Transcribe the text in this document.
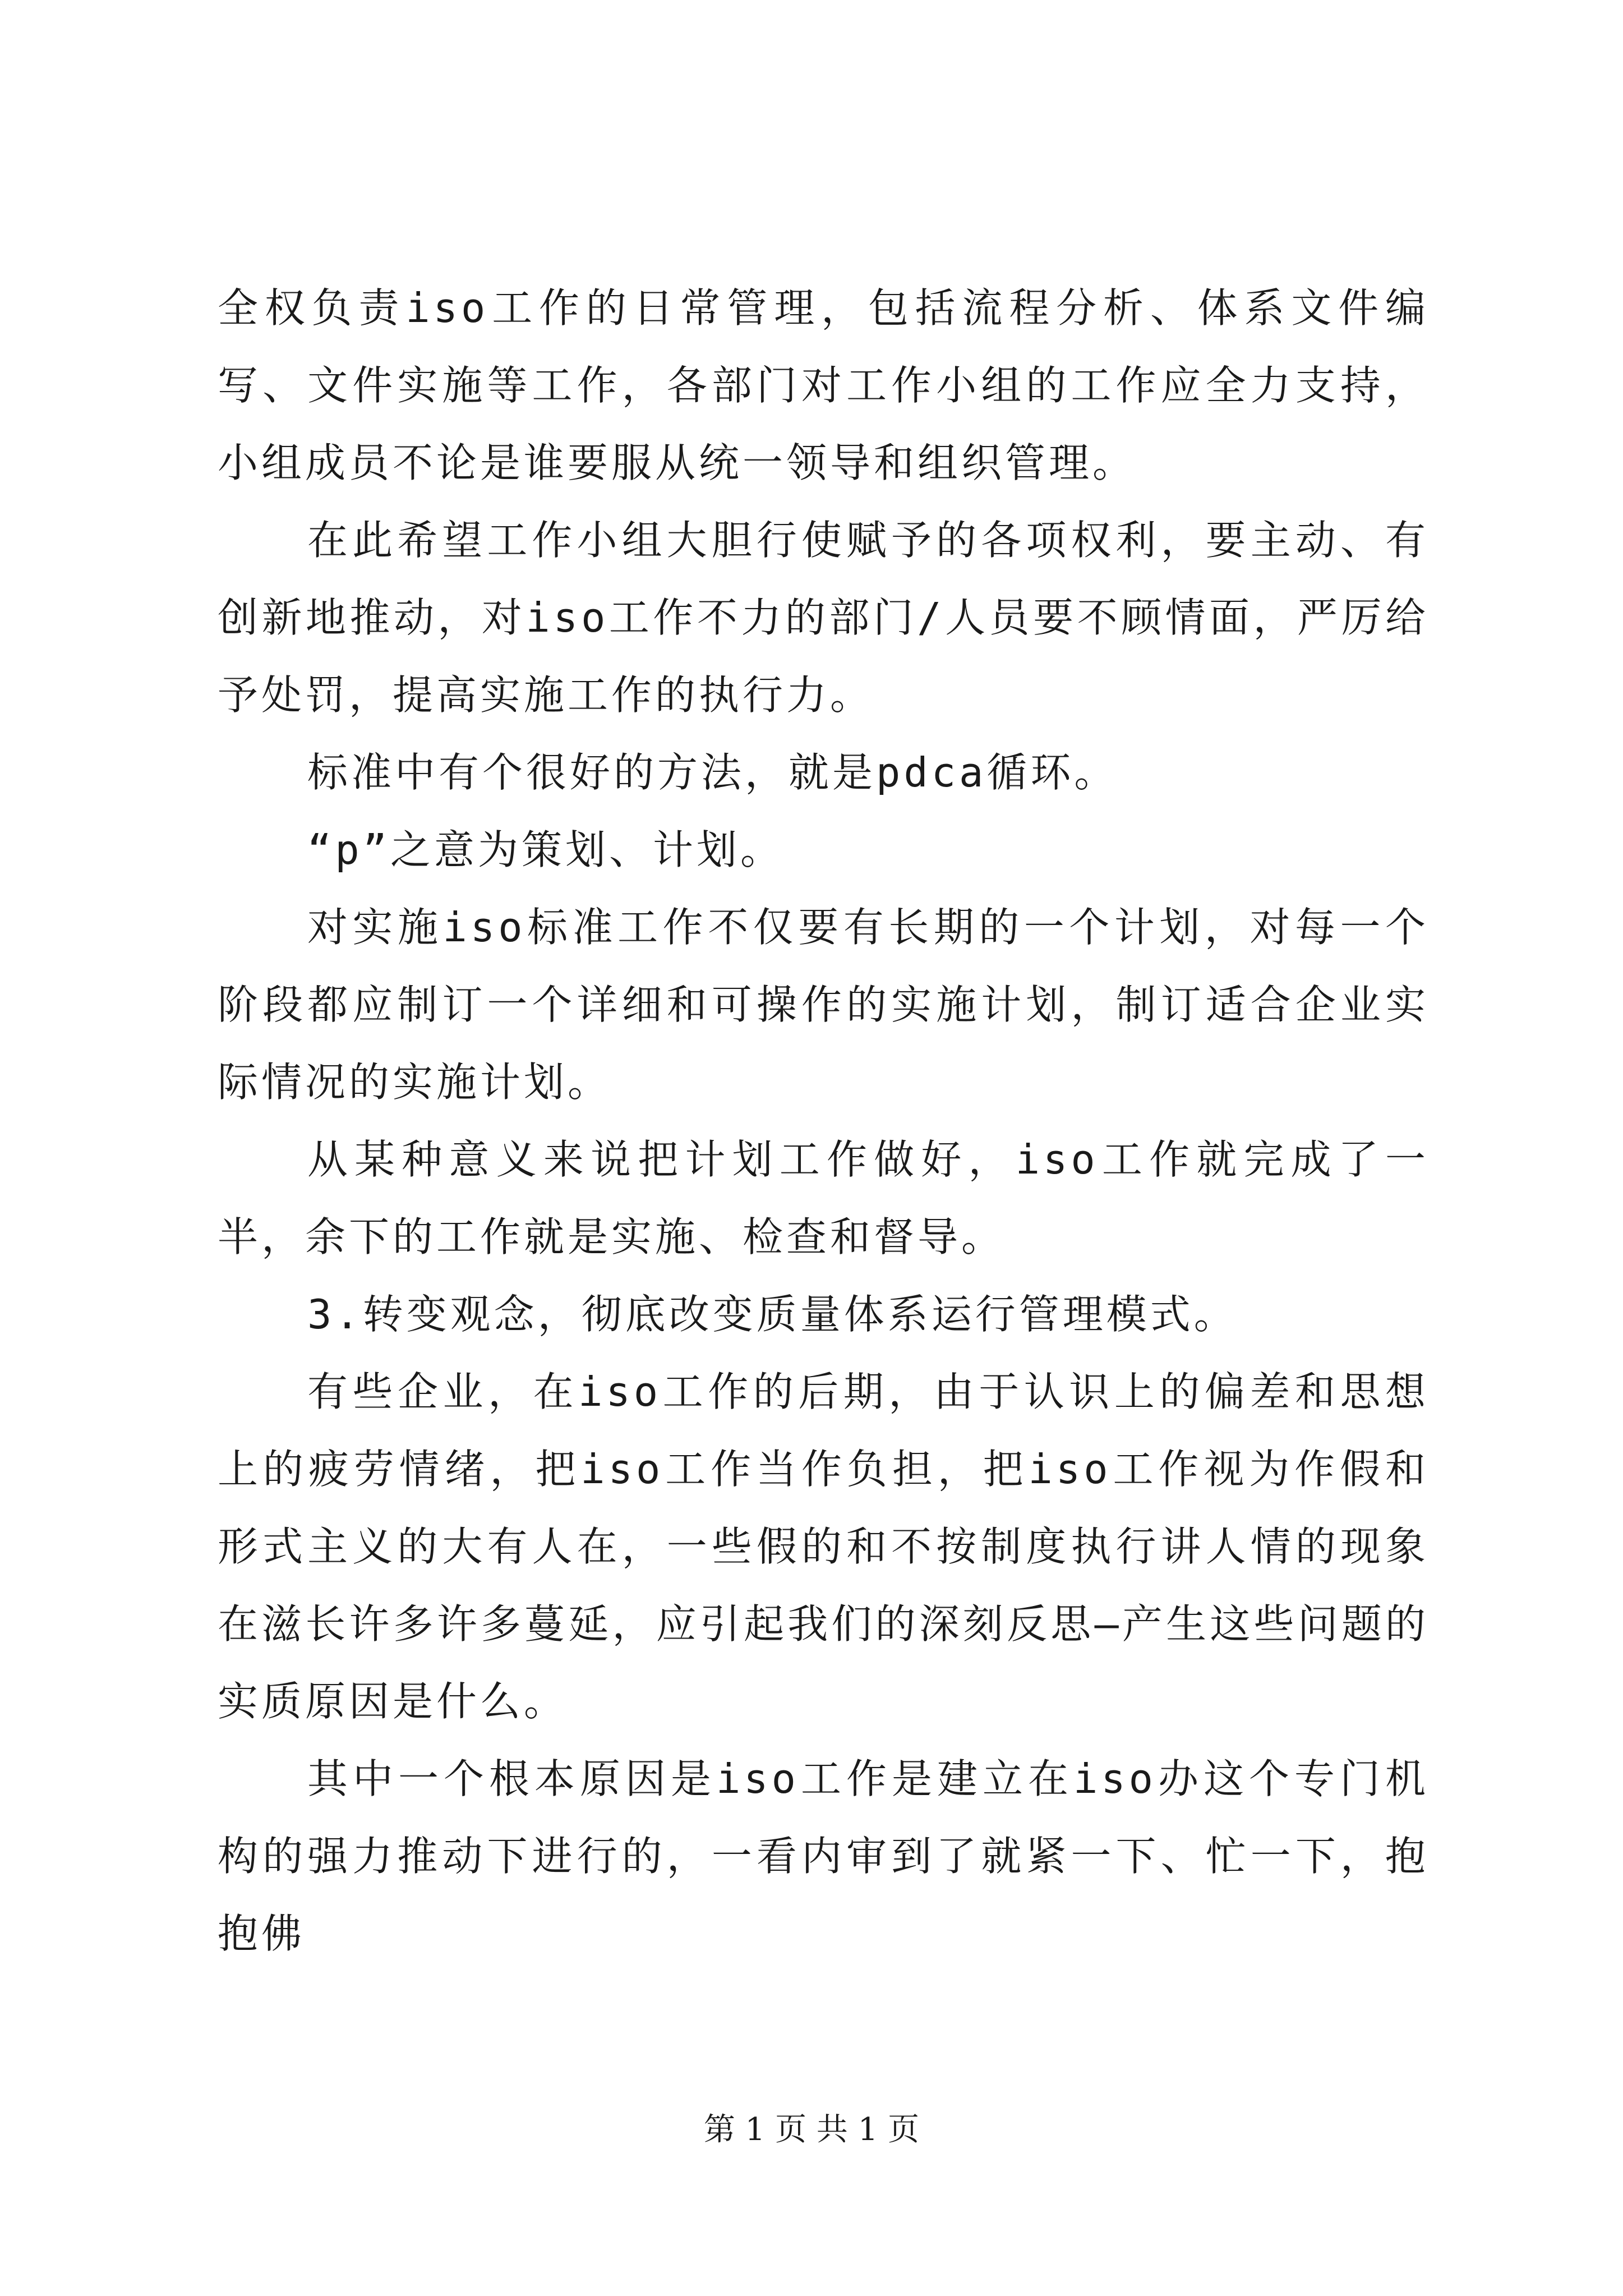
全权负责iso工作的日常管理，包括流程分析、体系文件编写、文件实施等工作，各部门对工作小组的工作应全力支持，小组成员不论是谁要服从统一领导和组织管理。

在此希望工作小组大胆行使赋予的各项权利，要主动、有创新地推动，对iso工作不力的部门/人员要不顾情面，严厉给予处罚，提高实施工作的执行力。

标准中有个很好的方法，就是pdca循环。

“p”之意为策划、计划。

对实施iso标准工作不仅要有长期的一个计划，对每一个阶段都应制订一个详细和可操作的实施计划，制订适合企业实际情况的实施计划。

从某种意义来说把计划工作做好，iso工作就完成了一半，余下的工作就是实施、检查和督导。

3.转变观念，彻底改变质量体系运行管理模式。

有些企业，在iso工作的后期，由于认识上的偏差和思想上的疲劳情绪，把iso工作当作负担，把iso工作视为作假和形式主义的大有人在，一些假的和不按制度执行讲人情的现象在滋长许多许多蔓延，应引起我们的深刻反思—产生这些问题的实质原因是什么。

其中一个根本原因是iso工作是建立在iso办这个专门机构的强力推动下进行的，一看内审到了就紧一下、忙一下，抱抱佛

第 1 页 共 1 页
